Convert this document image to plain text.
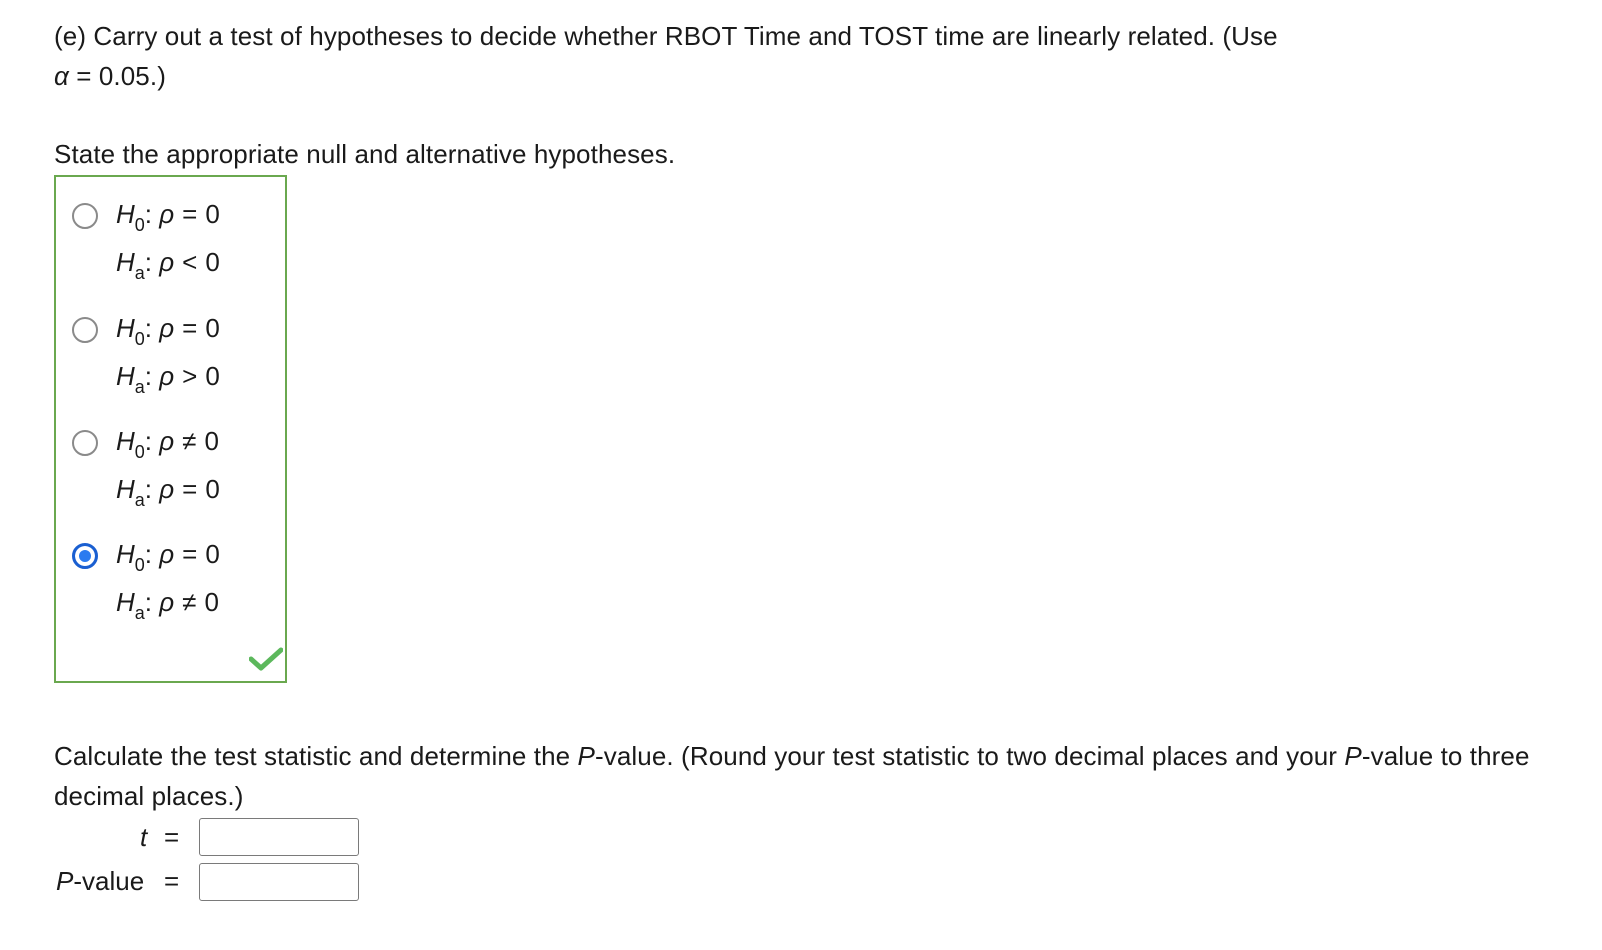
(e) Carry out a test of hypotheses to decide whether RBOT Time and TOST time are linearly related. (Use
α = 0.05.)
State the appropriate null and alternative hypotheses.
$H_0$: ρ = 0
$H_a$: ρ < 0
$H_0$: ρ = 0
$H_a$: ρ > 0
$H_0$: ρ ≠ 0
$H_a$: ρ = 0
$H_0$: ρ = 0
$H_a$: ρ ≠ 0
Calculate the test statistic and determine the P-value. (Round your test statistic to two decimal places and your P-value to three decimal places.)
t =
P-value =
